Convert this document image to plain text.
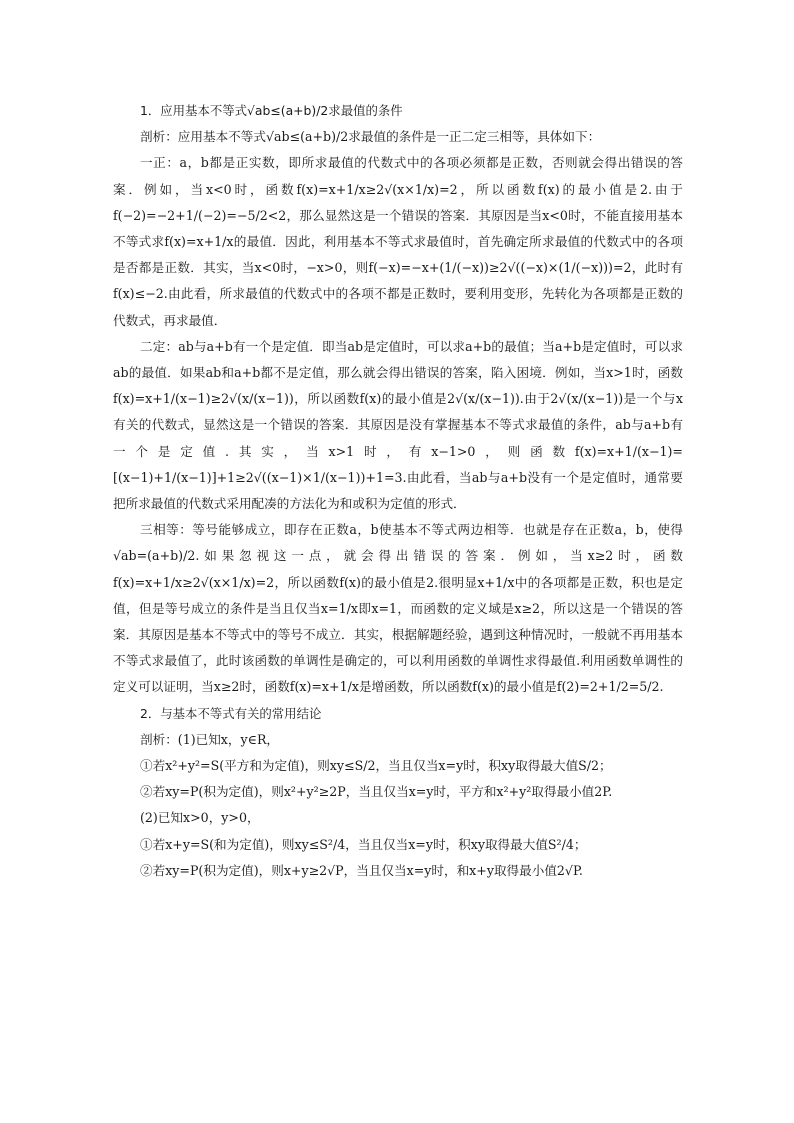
1．应用基本不等式√ab≤(a+b)/2求最值的条件

剖析：应用基本不等式√ab≤(a+b)/2求最值的条件是一正二定三相等，具体如下：

一正：a，b都是正实数，即所求最值的代数式中的各项必须都是正数，否则就会得出错误的答案．例如，当x<0时，函数f(x)=x+1/x≥2√(x×1/x)=2，所以函数f(x)的最小值是2.由于f(−2)=−2+1/(−2)=−5/2<2，那么显然这是一个错误的答案．其原因是当x<0时，不能直接用基本不等式求f(x)=x+1/x的最值．因此，利用基本不等式求最值时，首先确定所求最值的代数式中的各项是否都是正数．其实，当x<0时，−x>0，则f(−x)=−x+(1/(−x))≥2√((−x)×(1/(−x)))=2，此时有f(x)≤−2.由此看，所求最值的代数式中的各项不都是正数时，要利用变形，先转化为各项都是正数的代数式，再求最值．

二定：ab与a+b有一个是定值．即当ab是定值时，可以求a+b的最值；当a+b是定值时，可以求ab的最值．如果ab和a+b都不是定值，那么就会得出错误的答案，陷入困境．例如，当x>1时，函数f(x)=x+1/(x−1)≥2√(x/(x−1))，所以函数f(x)的最小值是2√(x/(x−1)).由于2√(x/(x−1))是一个与x有关的代数式，显然这是一个错误的答案．其原因是没有掌握基本不等式求最值的条件，ab与a+b有一个是定值.其实，当x>1时，有x−1>0，则函数f(x)=x+1/(x−1)=[(x−1)+1/(x−1)]+1≥2√((x−1)×1/(x−1))+1=3.由此看，当ab与a+b没有一个是定值时，通常要把所求最值的代数式采用配凑的方法化为和或积为定值的形式．

三相等：等号能够成立，即存在正数a，b使基本不等式两边相等．也就是存在正数a，b，使得√ab=(a+b)/2.如果忽视这一点，就会得出错误的答案．例如，当x≥2时，函数f(x)=x+1/x≥2√(x×1/x)=2，所以函数f(x)的最小值是2.很明显x+1/x中的各项都是正数，积也是定值，但是等号成立的条件是当且仅当x=1/x即x=1，而函数的定义域是x≥2，所以这是一个错误的答案．其原因是基本不等式中的等号不成立．其实，根据解题经验，遇到这种情况时，一般就不再用基本不等式求最值了，此时该函数的单调性是确定的，可以利用函数的单调性求得最值.利用函数单调性的定义可以证明，当x≥2时，函数f(x)=x+1/x是增函数，所以函数f(x)的最小值是f(2)=2+1/2=5/2.

2．与基本不等式有关的常用结论

剖析：(1)已知x，y∈R，

①若x²+y²=S(平方和为定值)，则xy≤S/2，当且仅当x=y时，积xy取得最大值S/2；

②若xy=P(积为定值)，则x²+y²≥2P，当且仅当x=y时，平方和x²+y²取得最小值2P.

(2)已知x>0，y>0，

①若x+y=S(和为定值)，则xy≤S²/4，当且仅当x=y时，积xy取得最大值S²/4；

②若xy=P(积为定值)，则x+y≥2√P，当且仅当x=y时，和x+y取得最小值2√P.
